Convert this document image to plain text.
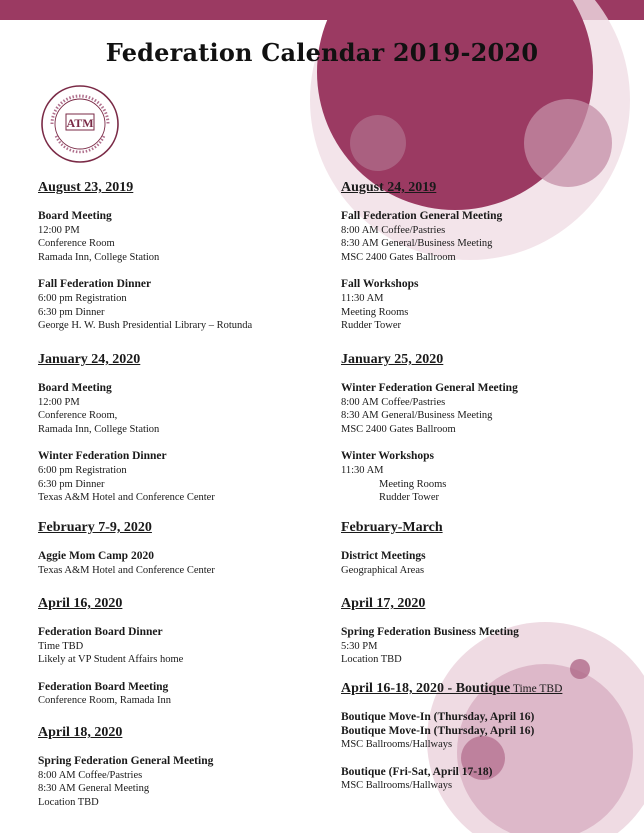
Federation Calendar 2019-2020
ATM
August 23, 2019
Board Meeting
12:00 PM
Conference Room
Ramada Inn, College Station
Fall Federation Dinner
6:00 pm Registration
6:30 pm Dinner
George H. W. Bush Presidential Library – Rotunda
January 24, 2020
Board Meeting
12:00 PM
Conference Room,
Ramada Inn, College Station
Winter Federation Dinner
6:00 pm Registration
6:30 pm Dinner
Texas A&M Hotel and Conference Center
February 7-9, 2020
Aggie Mom Camp 2020
Texas A&M Hotel and Conference Center
April 16, 2020
Federation Board Dinner
Time TBD
Likely at VP Student Affairs home
Federation Board Meeting
Conference Room, Ramada Inn
April 18, 2020
Spring Federation General Meeting
8:00 AM Coffee/Pastries
8:30 AM General Meeting
Location TBD
August 24, 2019
Fall Federation General Meeting
8:00 AM Coffee/Pastries
8:30 AM General/Business Meeting
MSC 2400 Gates Ballroom
Fall Workshops
11:30 AM
Meeting Rooms
Rudder Tower
January 25, 2020
Winter Federation General Meeting
8:00 AM Coffee/Pastries
8:30 AM General/Business Meeting
MSC 2400 Gates Ballroom
Winter Workshops
11:30 AM
Meeting Rooms
Rudder Tower
February-March
District Meetings
Geographical Areas
April 17, 2020
Spring Federation Business Meeting
5:30 PM
Location TBD
April 16-18, 2020 - Boutique Time TBD
Boutique Move-In (Thursday, April 16)
Boutique Move-In (Thursday, April 16)
MSC Ballrooms/Hallways
Boutique (Fri-Sat, April 17-18)
MSC Ballrooms/Hallways
